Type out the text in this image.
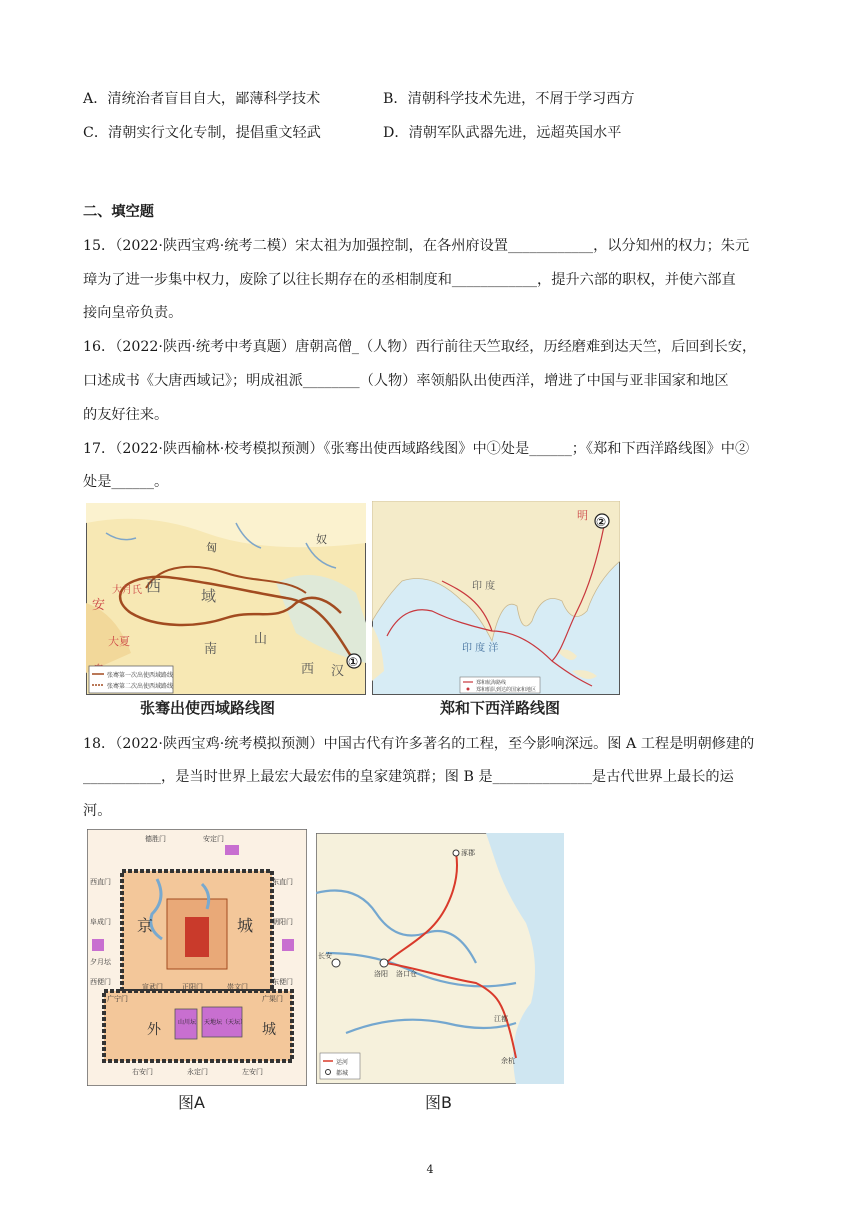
A．清统治者盲目自大，鄙薄科学技术	B．清朝科学技术先进，不屑于学习西方
C．清朝实行文化专制，提倡重文轻武	D．清朝军队武器先进，远超英国水平
二、填空题
15．（2022·陕西宝鸡·统考二模）宋太祖为加强控制，在各州府设置____________，以分知州的权力；朱元
璋为了进一步集中权力，废除了以往长期存在的丞相制度和____________，提升六部的职权，并使六部直
接向皇帝负责。
16．（2022·陕西·统考中考真题）唐朝高僧_（人物）西行前往天竺取经，历经磨难到达天竺，后回到长安，
口述成书《大唐西域记》；明成祖派________（人物）率领船队出使西洋，增进了中国与亚非国家和地区
的友好往来。
17．（2022·陕西榆林·校考模拟预测）《张骞出使西域路线图》中①处是______；《郑和下西洋路线图》中②
处是______。
匈
奴
西
域
安
大月氏
大夏
南
山
西 汉
①
张骞第一次出使西域路线
张骞第二次出使西域路线
张骞出使西域路线图
明 ②
印 度
印 度 洋
郑和航海路线
郑和船队到达的国家和地区
郑和下西洋路线图
18．（2022·陕西宝鸡·统考模拟预测）中国古代有许多著名的工程，至今影响深远。图 A 工程是明朝修建的
___________，是当时世界上最宏大最宏伟的皇家建筑群；图 B 是______________是古代世界上最长的运
河。
京	城
外	城
山川坛 天地坛（天坛）
德胜门	安定门
西直门	东直门
阜成门	朝阳门
夕月坛
西便门	东便门
广宁门	广渠门
宣武门	正阳门	崇文门
右安门	永定门	左安门
图A
涿郡
长安
洛阳 洛口仓
江都
余杭
运河
都城
图B
4
